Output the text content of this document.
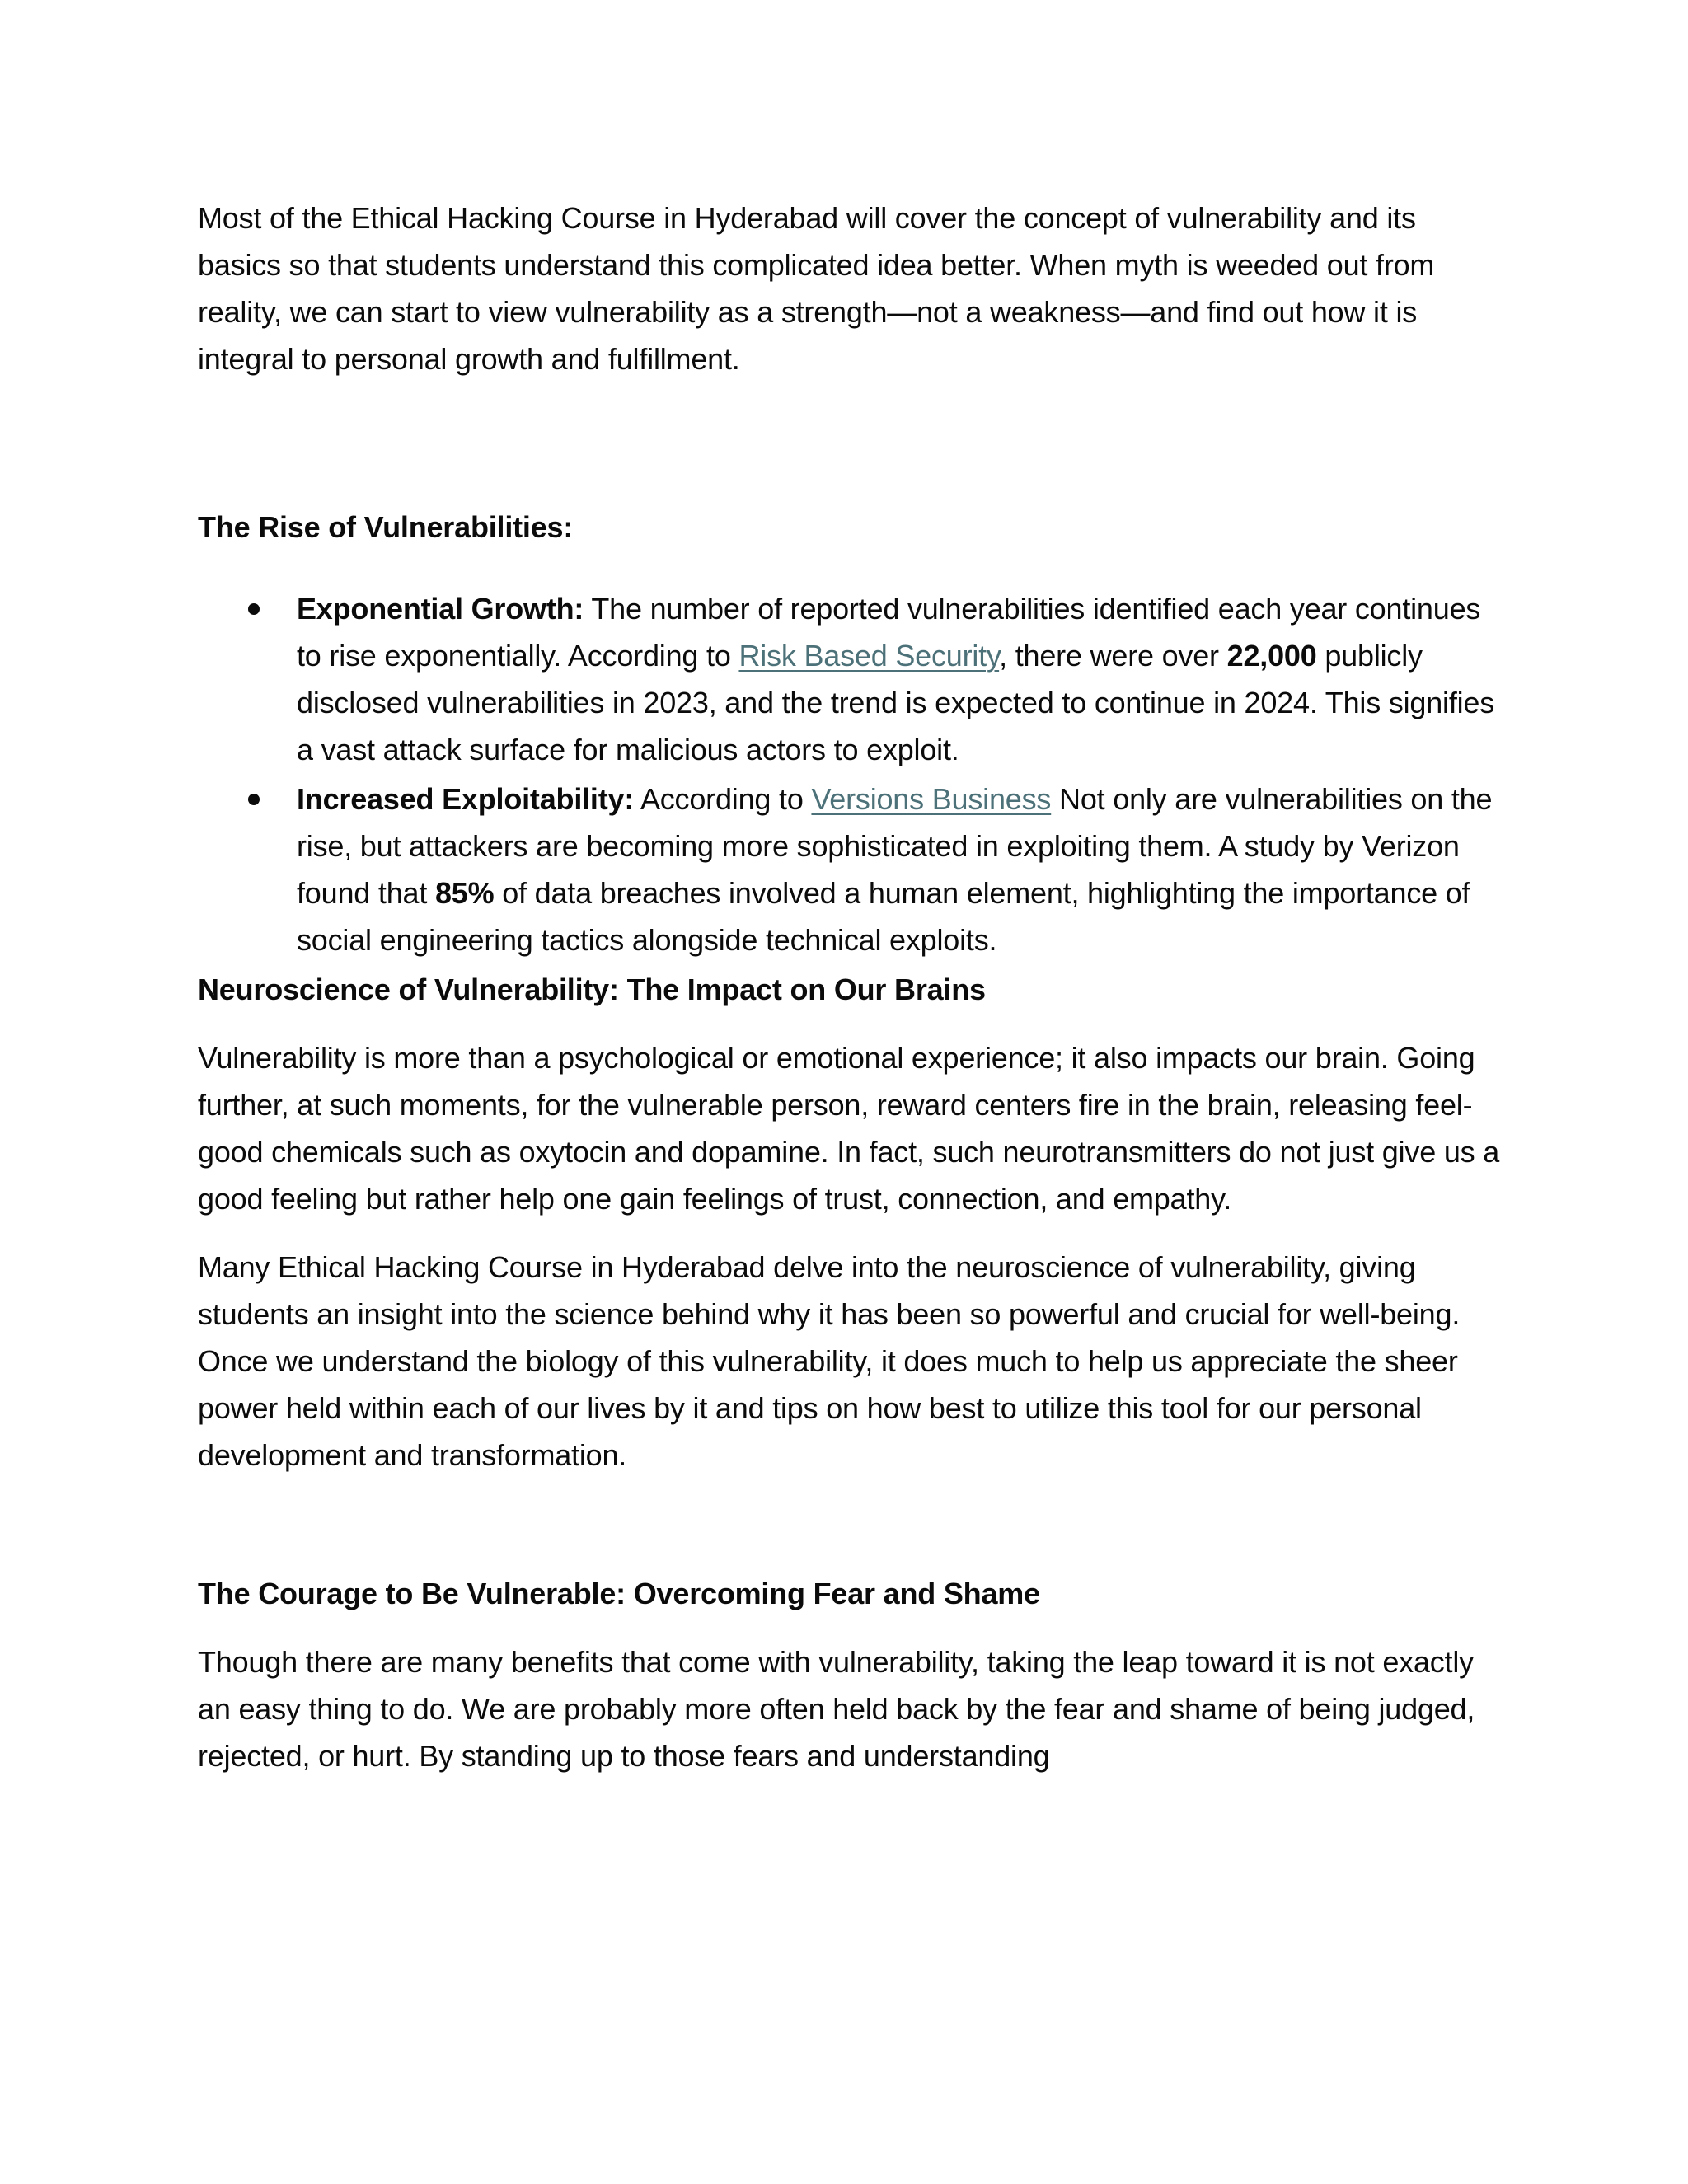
Most of the Ethical Hacking Course in Hyderabad will cover the concept of vulnerability and its basics so that students understand this complicated idea better. When myth is weeded out from reality, we can start to view vulnerability as a strength—not a weakness—and find out how it is integral to personal growth and fulfillment.

The Rise of Vulnerabilities:
Exponential Growth: The number of reported vulnerabilities identified each year continues to rise exponentially. According to Risk Based Security, there were over 22,000 publicly disclosed vulnerabilities in 2023, and the trend is expected to continue in 2024. This signifies a vast attack surface for malicious actors to exploit.
Increased Exploitability: According to Versions Business Not only are vulnerabilities on the rise, but attackers are becoming more sophisticated in exploiting them. A study by Verizon found that 85% of data breaches involved a human element, highlighting the importance of social engineering tactics alongside technical exploits.
Neuroscience of Vulnerability: The Impact on Our Brains

Vulnerability is more than a psychological or emotional experience; it also impacts our brain. Going further, at such moments, for the vulnerable person, reward centers fire in the brain, releasing feel-good chemicals such as oxytocin and dopamine. In fact, such neurotransmitters do not just give us a good feeling but rather help one gain feelings of trust, connection, and empathy.

Many Ethical Hacking Course in Hyderabad delve into the neuroscience of vulnerability, giving students an insight into the science behind why it has been so powerful and crucial for well-being. Once we understand the biology of this vulnerability, it does much to help us appreciate the sheer power held within each of our lives by it and tips on how best to utilize this tool for our personal development and transformation.

The Courage to Be Vulnerable: Overcoming Fear and Shame

Though there are many benefits that come with vulnerability, taking the leap toward it is not exactly an easy thing to do. We are probably more often held back by the fear and shame of being judged, rejected, or hurt. By standing up to those fears and understanding
